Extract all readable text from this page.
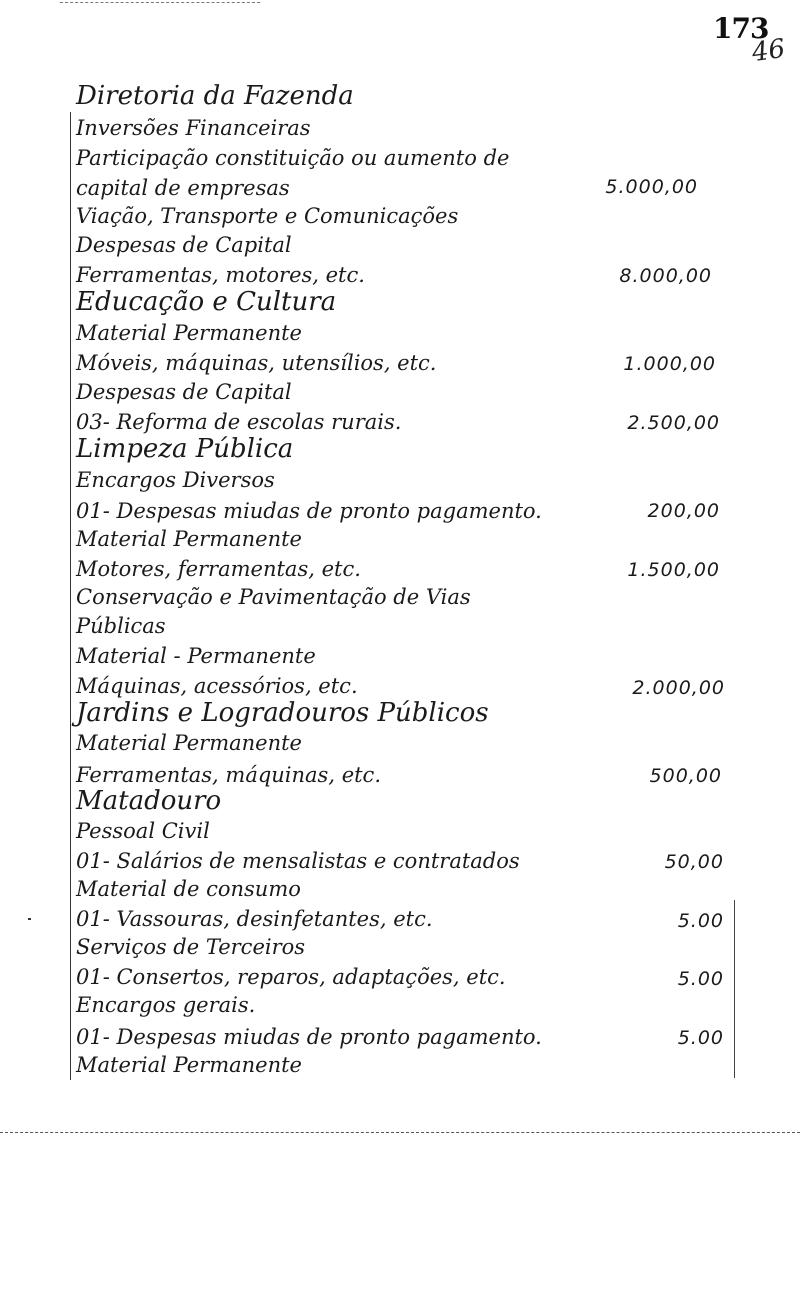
173
46
Diretoria da Fazenda
Inversões Financeiras
Participação constituição ou aumento de
capital de empresas
Viação, Transporte e Comunicações
Despesas de Capital
Ferramentas, motores, etc.
Educação e Cultura
Material Permanente
Móveis, máquinas, utensílios, etc.
Despesas de Capital
03- Reforma de escolas rurais.
Limpeza Pública
Encargos Diversos
01- Despesas miudas de pronto pagamento.
Material Permanente
Motores, ferramentas, etc.
Conservação e Pavimentação de Vias
Públicas
Material - Permanente
Máquinas, acessórios, etc.
Jardins e Logradouros Públicos
Material Permanente
Ferramentas, máquinas, etc.
Matadouro
Pessoal Civil
01- Salários de mensalistas e contratados
Material de consumo
01- Vassouras, desinfetantes, etc.
Serviços de Terceiros
01- Consertos, reparos, adaptações, etc.
Encargos gerais.
01- Despesas miudas de pronto pagamento.
Material Permanente
5.000,00
8.000,00
1.000,00
2.500,00
200,00
1.500,00
2.000,00
500,00
50,00
5.00
5.00
5.00
